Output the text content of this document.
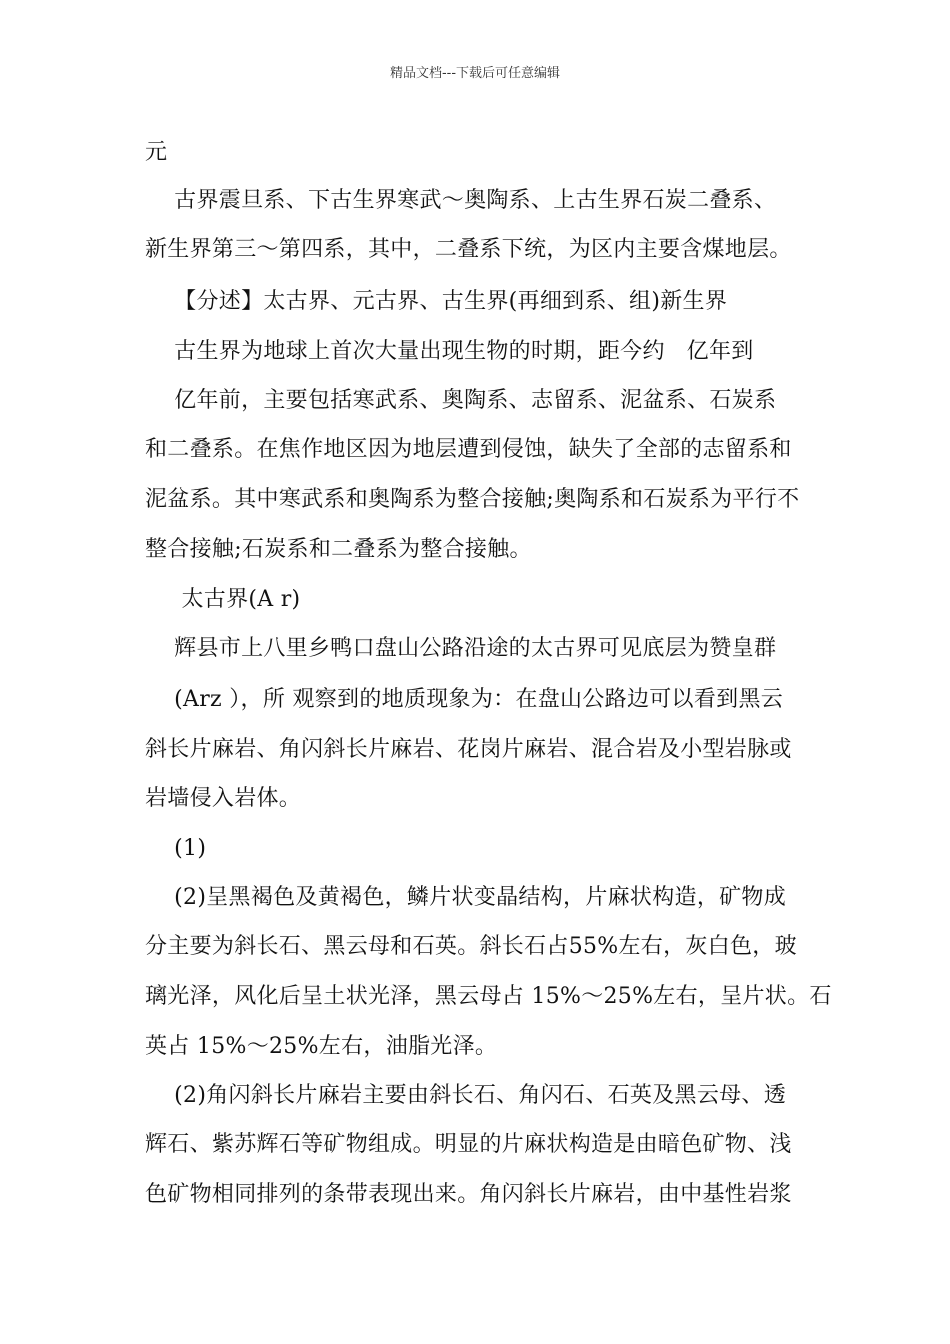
精品文档---下载后可任意编辑
元
古界震旦系、下古生界寒武～奥陶系、上古生界石炭二叠系、
新生界第三～第四系，其中，二叠系下统，为区内主要含煤地层。
【分述】太古界、元古界、古生界(再细到系、组)新生界
古生界为地球上首次大量出现生物的时期，距今约   亿年到
亿年前，主要包括寒武系、奥陶系、志留系、泥盆系、石炭系
和二叠系。在焦作地区因为地层遭到侵蚀，缺失了全部的志留系和
泥盆系。其中寒武系和奥陶系为整合接触;奥陶系和石炭系为平行不
整合接触;石炭系和二叠系为整合接触。
太古界(A r)
辉县市上八里乡鸭口盘山公路沿途的太古界可见底层为赞皇群
(Arz ），所 观察到的地质现象为：在盘山公路边可以看到黑云
斜长片麻岩、角闪斜长片麻岩、花岗片麻岩、混合岩及小型岩脉或
岩墙侵入岩体。
(1)
(2)呈黑褐色及黄褐色，鳞片状变晶结构，片麻状构造，矿物成
分主要为斜长石、黑云母和石英。斜长石占55%左右，灰白色，玻
璃光泽，风化后呈土状光泽，黑云母占 15%～25%左右，呈片状。石
英占 15%～25%左右，油脂光泽。
(2)角闪斜长片麻岩主要由斜长石、角闪石、石英及黑云母、透
辉石、紫苏辉石等矿物组成。明显的片麻状构造是由暗色矿物、浅
色矿物相同排列的条带表现出来。角闪斜长片麻岩，由中基性岩浆
